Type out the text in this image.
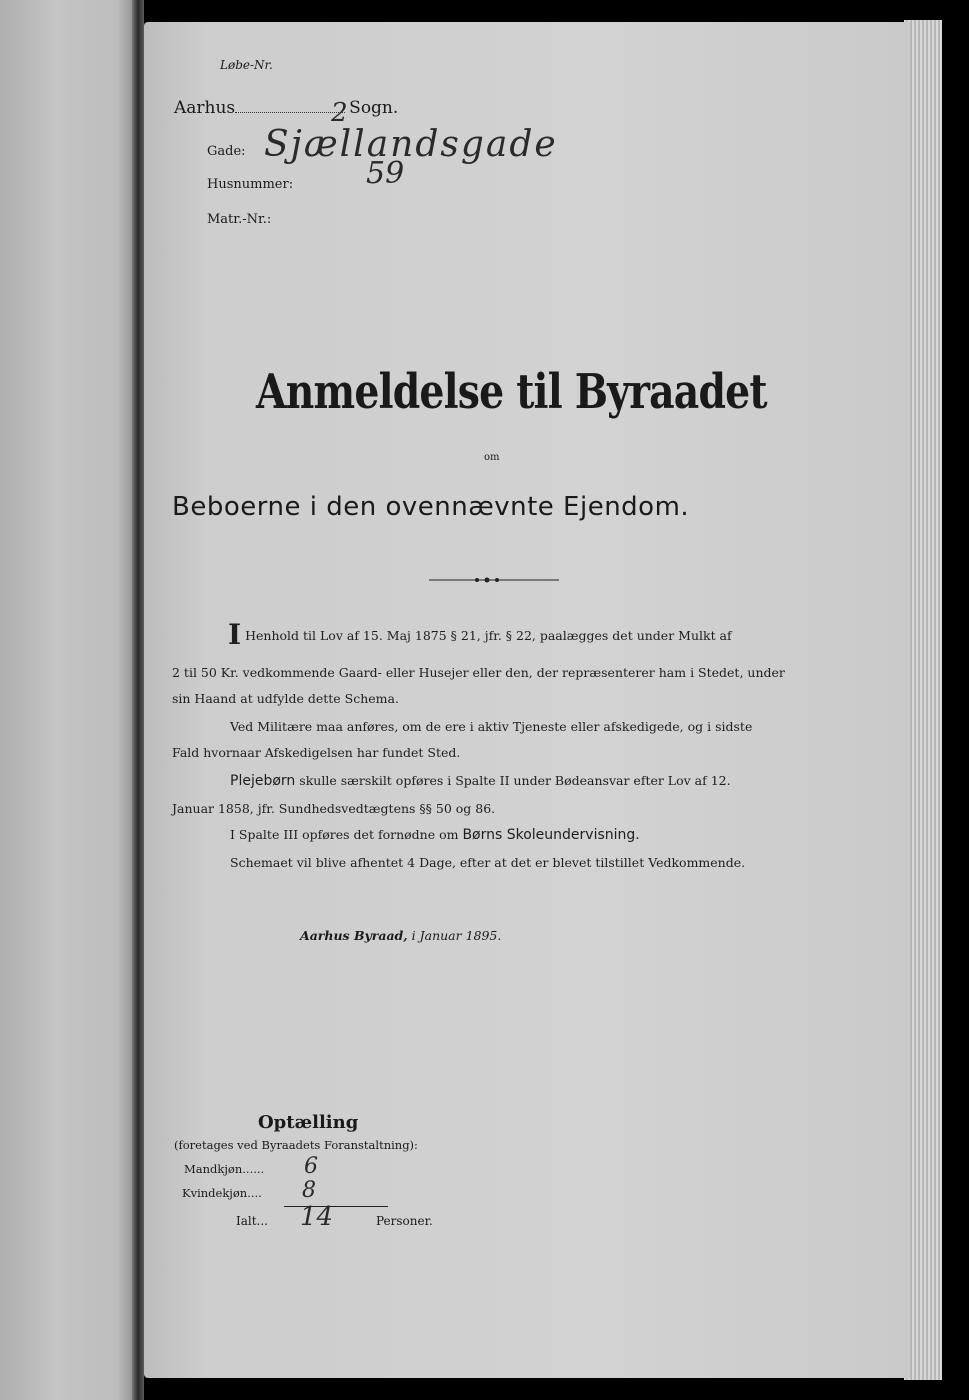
Løbe-Nr.
Aarhus	2 Sogn.
Gade: Sjællandsgade
Husnummer: 59
Matr.-Nr.:
Anmeldelse til Byraadet
om
Beboerne i den ovennævnte Ejendom.
I Henhold til Lov af 15. Maj 1875 § 21, jfr. § 22, paalægges det under Mulkt af
2 til 50 Kr. vedkommende Gaard- eller Husejer eller den, der repræsenterer ham i Stedet, under
sin Haand at udfylde dette Schema.
Ved Militære maa anføres, om de ere i aktiv Tjeneste eller afskedigede, og i sidste
Fald hvornaar Afskedigelsen har fundet Sted.
Plejebørn skulle særskilt opføres i Spalte II under Bødeansvar efter Lov af 12.
Januar 1858, jfr. Sundhedsvedtægtens §§ 50 og 86.
I Spalte III opføres det fornødne om Børns Skoleundervisning.
Schemaet vil blive afhentet 4 Dage, efter at det er blevet tilstillet Vedkommende.
Aarhus Byraad, i Januar 1895.
Optælling
(foretages ved Byraadets Foranstaltning):
Mandkjøn...... 6
Kvindekjøn.... 8
Ialt... 14	Personer.
